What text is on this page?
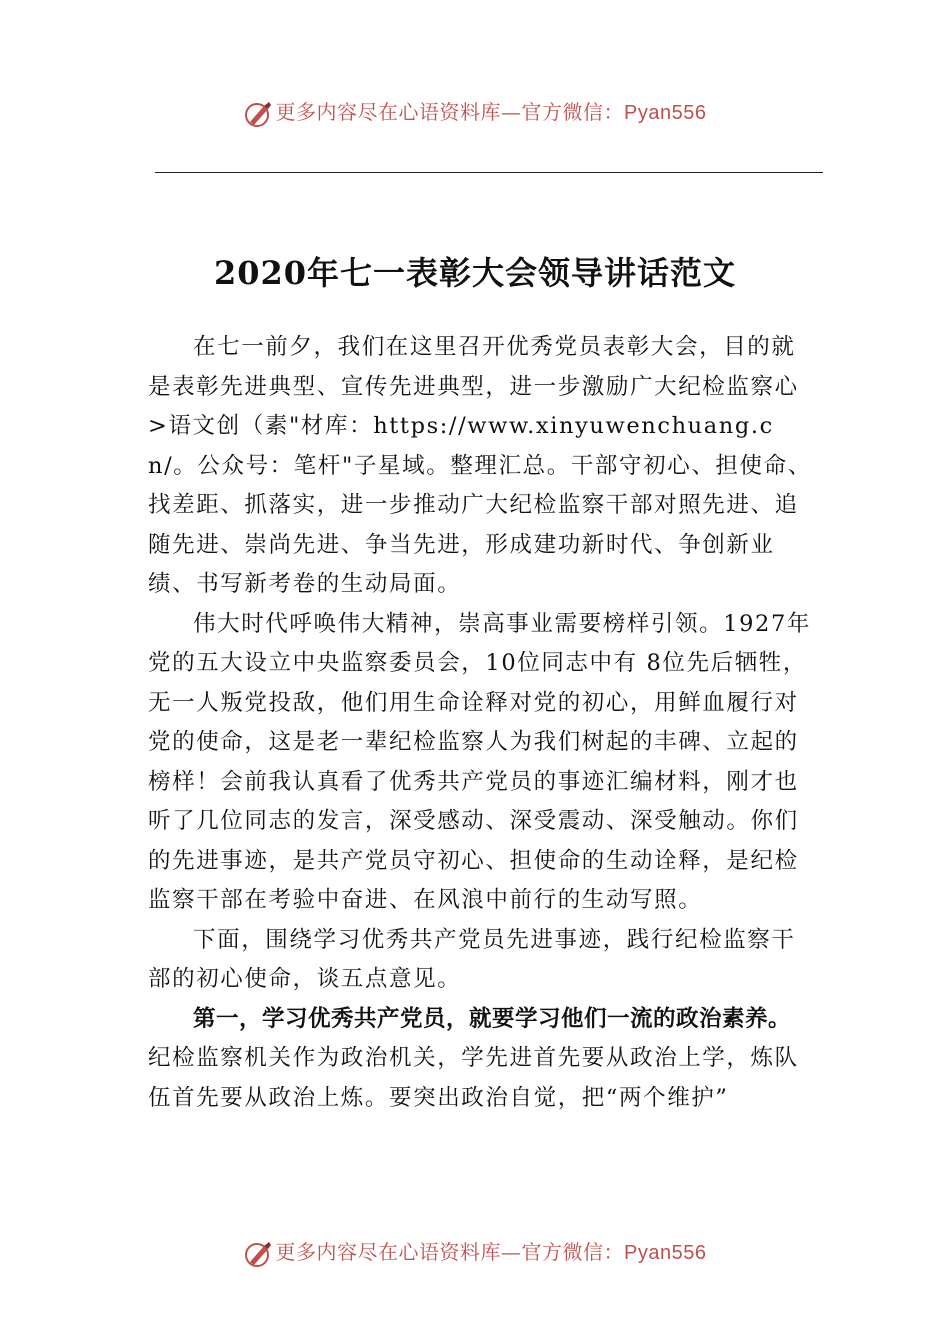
更多内容尽在心语资料库—官方微信：Pyan556
2020年七一表彰大会领导讲话范文

在七一前夕，我们在这里召开优秀党员表彰大会，目的就是表彰先进典型、宣传先进典型，进一步激励广大纪检监察心>语文创（素"材库：https://www.xinyuwenchuang.cn/。公众号：笔杆"子星域。整理汇总。干部守初心、担使命、找差距、抓落实，进一步推动广大纪检监察干部对照先进、追随先进、崇尚先进、争当先进，形成建功新时代、争创新业绩、书写新考卷的生动局面。

伟大时代呼唤伟大精神，崇高事业需要榜样引领。1927年党的五大设立中央监察委员会，10位同志中有 8位先后牺牲，无一人叛党投敌，他们用生命诠释对党的初心，用鲜血履行对党的使命，这是老一辈纪检监察人为我们树起的丰碑、立起的榜样！会前我认真看了优秀共产党员的事迹汇编材料，刚才也听了几位同志的发言，深受感动、深受震动、深受触动。你们的先进事迹，是共产党员守初心、担使命的生动诠释，是纪检监察干部在考验中奋进、在风浪中前行的生动写照。

下面，围绕学习优秀共产党员先进事迹，践行纪检监察干部的初心使命，谈五点意见。

第一，学习优秀共产党员，就要学习他们一流的政治素养。纪检监察机关作为政治机关，学先进首先要从政治上学，炼队伍首先要从政治上炼。要突出政治自觉，把“两个维护”

更多内容尽在心语资料库—官方微信：Pyan556
